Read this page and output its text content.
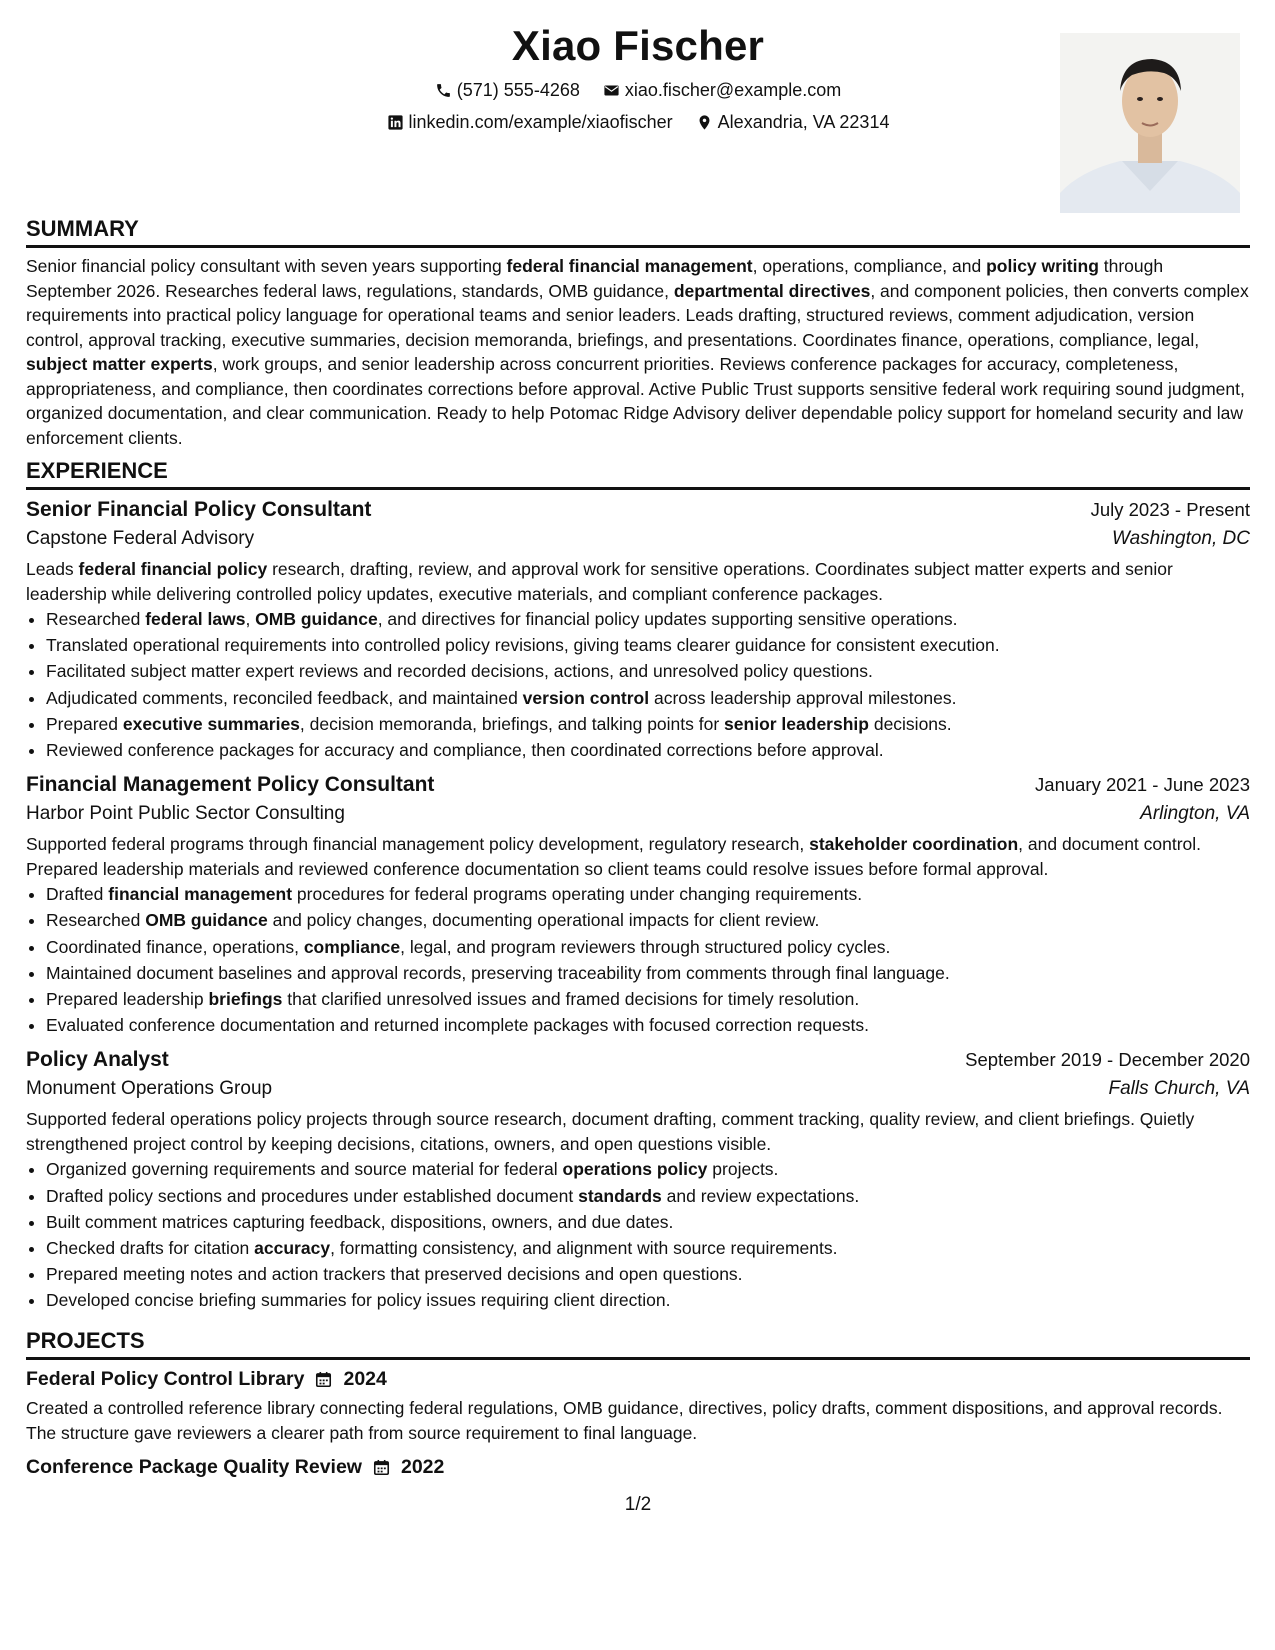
Xiao Fischer
(571) 555-4268
	xiao.fischer@example.com
linkedin.com/example/xiaofischer
	Alexandria, VA 22314
SUMMARY

Senior financial policy consultant with seven years supporting federal financial management, operations, compliance, and policy writing through September 2026. Researches federal laws, regulations, standards, OMB guidance, departmental directives, and component policies, then converts complex requirements into practical policy language for operational teams and senior leaders. Leads drafting, structured reviews, comment adjudication, version control, approval tracking, executive summaries, decision memoranda, briefings, and presentations. Coordinates finance, operations, compliance, legal, subject matter experts, work groups, and senior leadership across concurrent priorities. Reviews conference packages for accuracy, completeness, appropriateness, and compliance, then coordinates corrections before approval. Active Public Trust supports sensitive federal work requiring sound judgment, organized documentation, and clear communication. Ready to help Potomac Ridge Advisory deliver dependable policy support for homeland security and law enforcement clients.

EXPERIENCE
Senior Financial Policy Consultant	July 2023 - Present
Capstone Federal Advisory	Washington, DC

Leads federal financial policy research, drafting, review, and approval work for sensitive operations. Coordinates subject matter experts and senior leadership while delivering controlled policy updates, executive materials, and compliant conference packages.

• Researched federal laws, OMB guidance, and directives for financial policy updates supporting sensitive operations.
• Translated operational requirements into controlled policy revisions, giving teams clearer guidance for consistent execution.
• Facilitated subject matter expert reviews and recorded decisions, actions, and unresolved policy questions.
• Adjudicated comments, reconciled feedback, and maintained version control across leadership approval milestones.
• Prepared executive summaries, decision memoranda, briefings, and talking points for senior leadership decisions.
• Reviewed conference packages for accuracy and compliance, then coordinated corrections before approval.
Financial Management Policy Consultant	January 2021 - June 2023
Harbor Point Public Sector Consulting	Arlington, VA

Supported federal programs through financial management policy development, regulatory research, stakeholder coordination, and document control. Prepared leadership materials and reviewed conference documentation so client teams could resolve issues before formal approval.

• Drafted financial management procedures for federal programs operating under changing requirements.
• Researched OMB guidance and policy changes, documenting operational impacts for client review.
• Coordinated finance, operations, compliance, legal, and program reviewers through structured policy cycles.
• Maintained document baselines and approval records, preserving traceability from comments through final language.
• Prepared leadership briefings that clarified unresolved issues and framed decisions for timely resolution.
• Evaluated conference documentation and returned incomplete packages with focused correction requests.
Policy Analyst	September 2019 - December 2020
Monument Operations Group	Falls Church, VA

Supported federal operations policy projects through source research, document drafting, comment tracking, quality review, and client briefings. Quietly strengthened project control by keeping decisions, citations, owners, and open questions visible.

• Organized governing requirements and source material for federal operations policy projects.
• Drafted policy sections and procedures under established document standards and review expectations.
• Built comment matrices capturing feedback, dispositions, owners, and due dates.
• Checked drafts for citation accuracy, formatting consistency, and alignment with source requirements.
• Prepared meeting notes and action trackers that preserved decisions and open questions.
• Developed concise briefing summaries for policy issues requiring client direction.
PROJECTS
Federal Policy Control Library 2024

Created a controlled reference library connecting federal regulations, OMB guidance, directives, policy drafts, comment dispositions, and approval records. The structure gave reviewers a clearer path from source requirement to final language.

Conference Package Quality Review 2022
1/2
